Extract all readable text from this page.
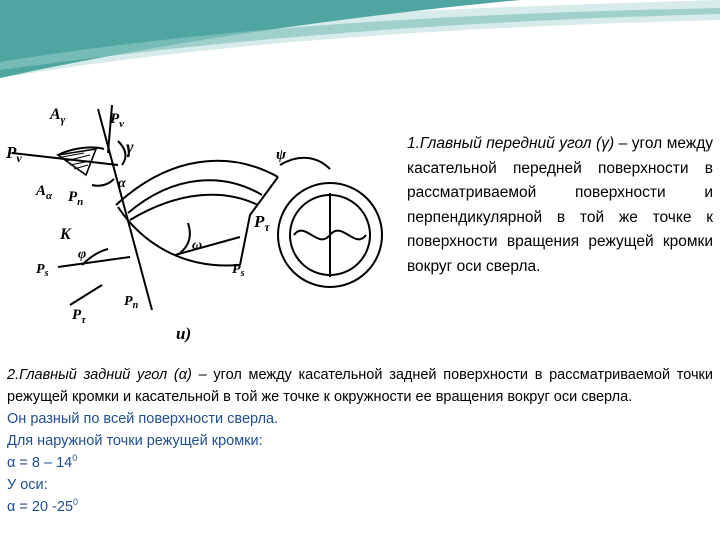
$A_\gamma$	$P_v$
γ
$P_v$
$A_\alpha$ $P_n$
α
K
φ
$P_s$	$P_s$
ω
$P_n$
$P_\tau$
$P_\tau$
ψ
u)
1.Главный передний угол (γ) – угол между касательной передней поверхности в рассматриваемой поверхности и перпендикулярной в той же точке к поверхности вращения режущей кромки вокруг оси сверла.
2.Главный задний угол (α) – угол между касательной задней поверхности в рассматриваемой точки режущей кромки и касательной в той же точке к окружности ее вращения вокруг оси сверла.
Он разный по всей поверхности сверла.
Для наружной точки режущей кромки:
$\alpha = 8 - 14^0$
У оси:
α = 20 $-25^0$
